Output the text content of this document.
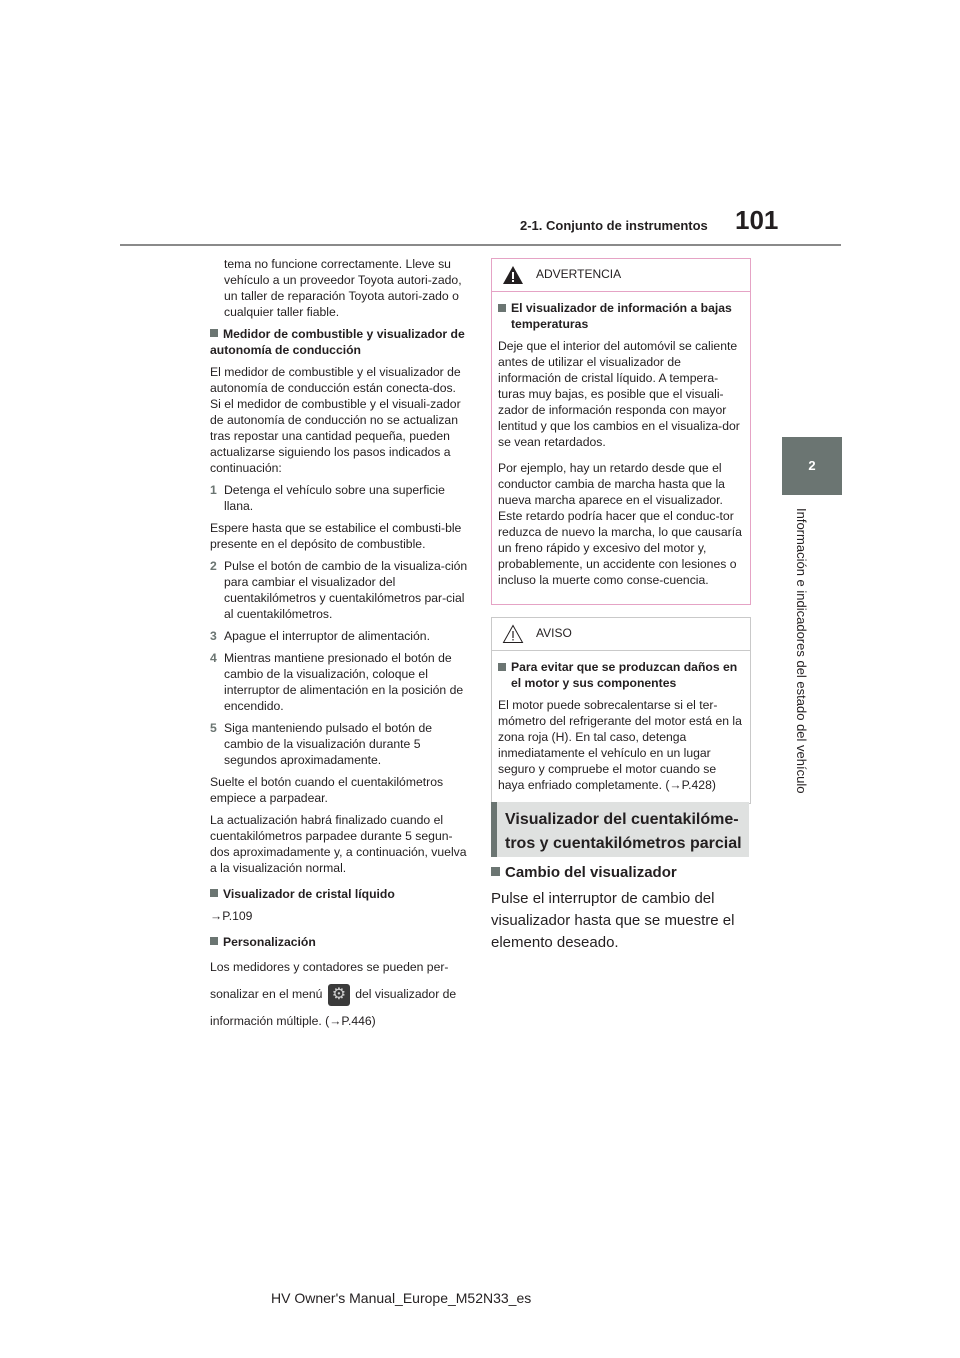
2-1. Conjunto de instrumentos 101
2
Información e indicadores del estado del vehículo

tema no funcione correctamente. Lleve su vehículo a un proveedor Toyota autori-zado, un taller de reparación Toyota autori-zado o cualquier taller fiable.

Medidor de combustible y visualizador de autonomía de conducción

El medidor de combustible y el visualizador de autonomía de conducción están conecta-dos. Si el medidor de combustible y el visuali-zador de autonomía de conducción no se actualizan tras repostar una cantidad pequeña, pueden actualizarse siguiendo los pasos indicados a continuación:

1 Detenga el vehículo sobre una superficie llana.

Espere hasta que se estabilice el combusti-ble presente en el depósito de combustible.

2 Pulse el botón de cambio de la visualiza-ción para cambiar el visualizador del cuentakilómetros y cuentakilómetros par-cial al cuentakilómetros.
3 Apague el interruptor de alimentación.
4 Mientras mantiene presionado el botón de cambio de la visualización, coloque el interruptor de alimentación en la posición de encendido.
5 Siga manteniendo pulsado el botón de cambio de la visualización durante 5 segundos aproximadamente.

Suelte el botón cuando el cuentakilómetros empiece a parpadear.

La actualización habrá finalizado cuando el cuentakilómetros parpadee durante 5 segun-dos aproximadamente y, a continuación, vuelva a la visualización normal.

Visualizador de cristal líquido

→P.109

Personalización

Los medidores y contadores se pueden per-

sonalizar en el menú ⚙ del visualizador de

información múltiple. (→P.446)

ADVERTENCIA

El visualizador de información a bajas temperaturas

Deje que el interior del automóvil se caliente antes de utilizar el visualizador de información de cristal líquido. A tempera-turas muy bajas, es posible que el visuali-zador de información responda con mayor lentitud y que los cambios en el visualiza-dor se vean retardados.

Por ejemplo, hay un retardo desde que el conductor cambia de marcha hasta que la nueva marcha aparece en el visualizador. Este retardo podría hacer que el conduc-tor reduzca de nuevo la marcha, lo que causaría un freno rápido y excesivo del motor y, probablemente, un accidente con lesiones o incluso la muerte como conse-cuencia.

AVISO

Para evitar que se produzcan daños en el motor y sus componentes

El motor puede sobrecalentarse si el ter-mómetro del refrigerante del motor está en la zona roja (H). En tal caso, detenga inmediatamente el vehículo en un lugar seguro y compruebe el motor cuando se haya enfriado completamente. (→P.428)

Visualizador del cuentakilóme-
tros y cuentakilómetros parcial

Cambio del visualizador

Pulse el interruptor de cambio del visualizador hasta que se muestre el elemento deseado.

HV Owner's Manual_Europe_M52N33_es
